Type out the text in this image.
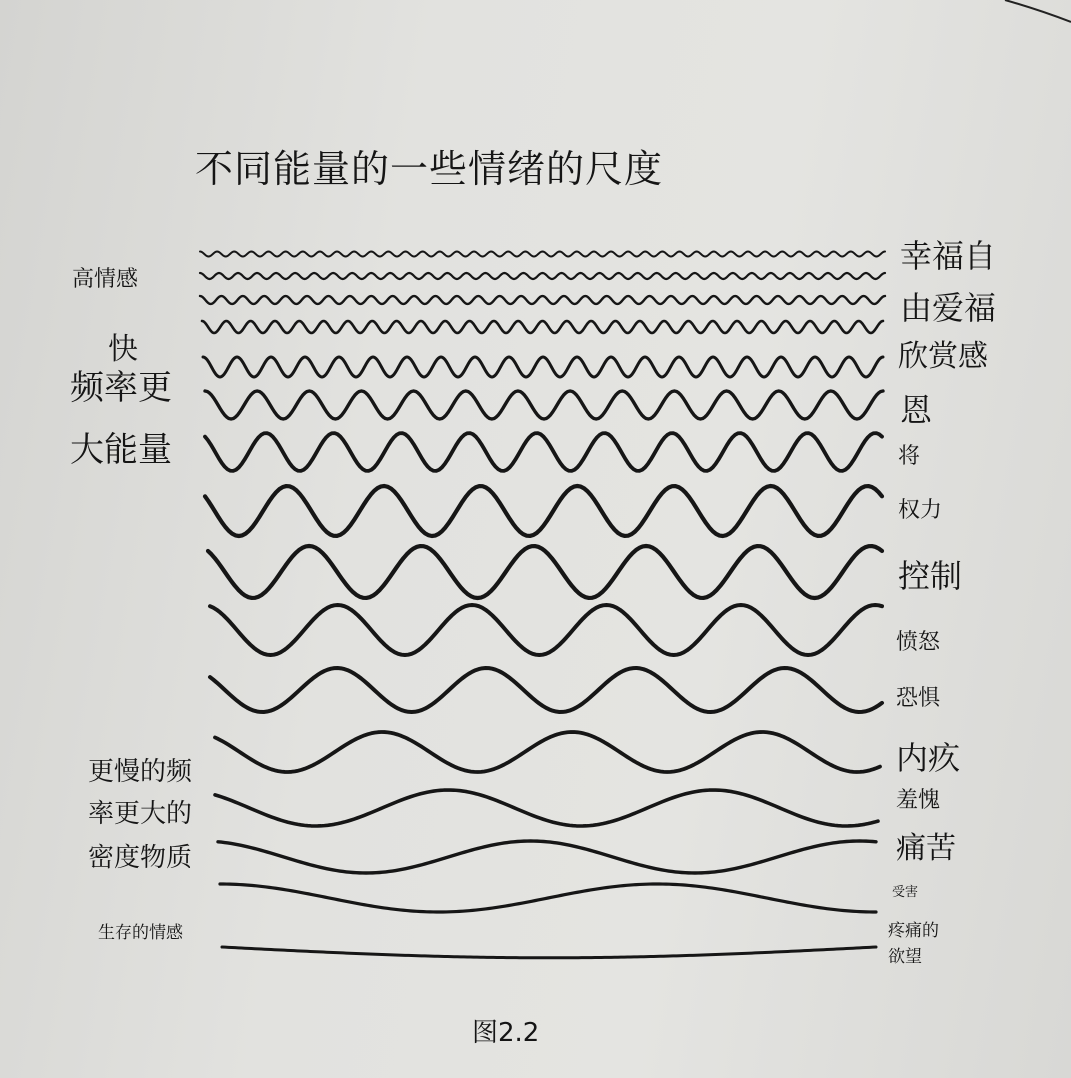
不同能量的一些情绪的尺度
高情感
快
频率更
大能量
更慢的频
率更大的
密度物质
生存的情感
幸福自
由爱福
欣赏感
恩
将
权力
控制
愤怒
恐惧
内疚
羞愧
痛苦
受害
疼痛的
欲望
图2.2
